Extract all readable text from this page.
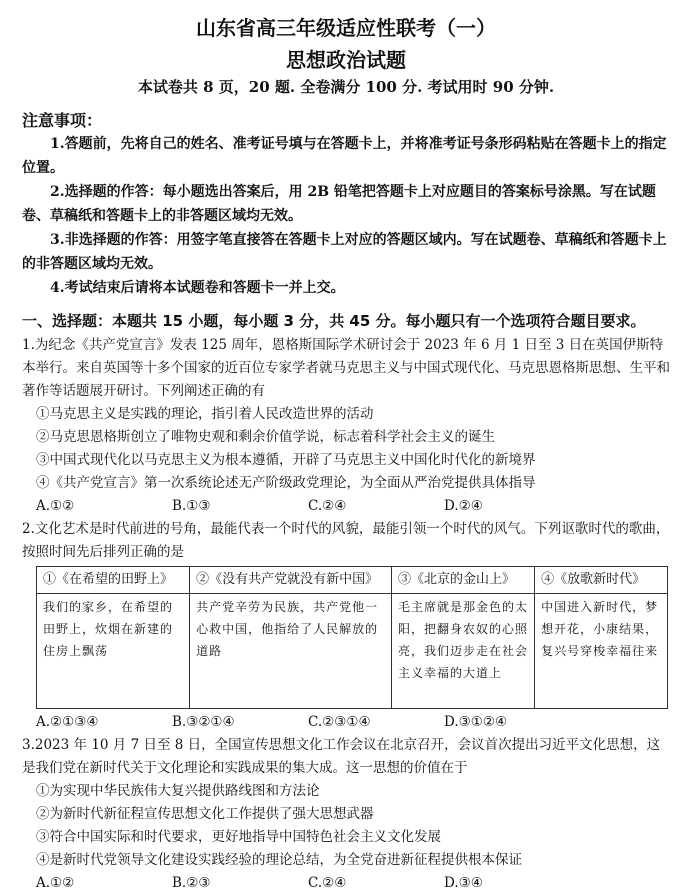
山东省高三年级适应性联考（一）
思想政治试题
本试卷共 8 页，20 题. 全卷满分 100 分. 考试用时 90 分钟.
注意事项：

1.答题前，先将自己的姓名、准考证号填与在答题卡上，并将准考证号条形码粘贴在答题卡上的指定位置。

2.选择题的作答：每小题选出答案后，用 2B 铅笔把答题卡上对应题目的答案标号涂黑。写在试题卷、草稿纸和答题卡上的非答题区域均无效。

3.非选择题的作答：用签字笔直接答在答题卡上对应的答题区域内。写在试题卷、草稿纸和答题卡上的非答题区域均无效。

4.考试结束后请将本试题卷和答题卡一并上交。

一、选择题：本题共 15 小题，每小题 3 分，共 45 分。每小题只有一个选项符合题目要求。

1.为纪念《共产党宣言》发表 125 周年，恩格斯国际学术研讨会于 2023 年 6 月 1 日至 3 日在英国伊斯特本举行。来自英国等十多个国家的近百位专家学者就马克思主义与中国式现代化、马克思恩格斯思想、生平和著作等话题展开研讨。下列阐述正确的有

①马克思主义是实践的理论，指引着人民改造世界的活动

②马克思恩格斯创立了唯物史观和剩余价值学说，标志着科学社会主义的诞生

③中国式现代化以马克思主义为根本遵循，开辟了马克思主义中国化时代化的新境界

④《共产党宣言》第一次系统论述无产阶级政党理论，为全面从严治党提供具体指导

A.①②	B.①③	C.②④	D.②④

2.文化艺术是时代前进的号角，最能代表一个时代的风貌，最能引领一个时代的风气。下列讴歌时代的歌曲，按照时间先后排列正确的是

①《在希望的田野上》	②《没有共产党就没有新中国》	③《北京的金山上》	④《放歌新时代》
我们的家乡，在希望的田野上，炊烟在新建的住房上飘荡	共产党辛劳为民族，共产党他一心救中国，他指给了人民解放的道路	毛主席就是那金色的太阳，把翻身农奴的心照亮，我们迈步走在社会主义幸福的大道上	中国进入新时代，梦想开花，小康结果，复兴号穿梭幸福往来
A.②①③④	B.③②①④	C.②③①④	D.③①②④

3.2023 年 10 月 7 日至 8 日，全国宣传思想文化工作会议在北京召开，会议首次提出习近平文化思想，这是我们党在新时代关于文化理论和实践成果的集大成。这一思想的价值在于

①为实现中华民族伟大复兴提供路线图和方法论

②为新时代新征程宣传思想文化工作提供了强大思想武器

③符合中国实际和时代要求，更好地指导中国特色社会主义文化发展

④是新时代党领导文化建设实践经验的理论总结，为全党奋进新征程提供根本保证

A.①②	B.②③	C.②④	D.③④
